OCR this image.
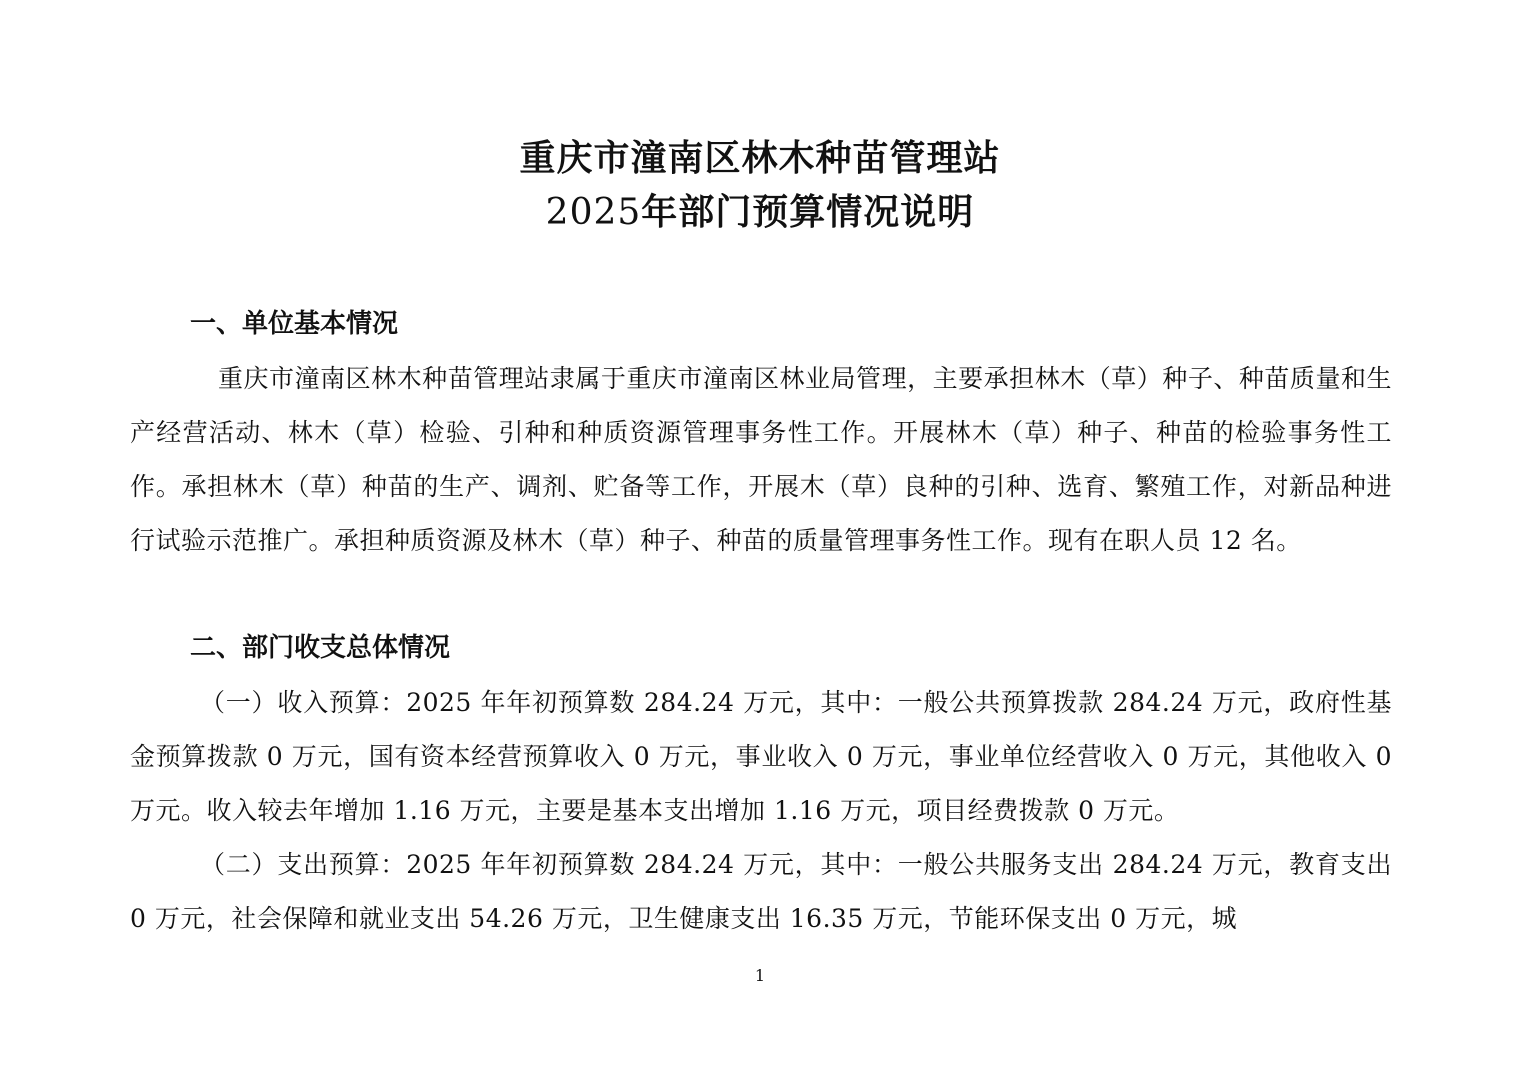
重庆市潼南区林木种苗管理站
2025年部门预算情况说明
一、单位基本情况
重庆市潼南区林木种苗管理站隶属于重庆市潼南区林业局管理，主要承担林木（草）种子、种苗质量和生产经营活动、林木（草）检验、引种和种质资源管理事务性工作。开展林木（草）种子、种苗的检验事务性工作。承担林木（草）种苗的生产、调剂、贮备等工作，开展木（草）良种的引种、选育、繁殖工作，对新品种进行试验示范推广。承担种质资源及林木（草）种子、种苗的质量管理事务性工作。现有在职人员 12 名。
二、部门收支总体情况
（一）收入预算：2025 年年初预算数 284.24 万元，其中：一般公共预算拨款 284.24 万元，政府性基金预算拨款 0 万元，国有资本经营预算收入 0 万元，事业收入 0 万元，事业单位经营收入 0 万元，其他收入 0 万元。收入较去年增加 1.16 万元，主要是基本支出增加 1.16 万元，项目经费拨款 0 万元。
（二）支出预算：2025 年年初预算数 284.24 万元，其中：一般公共服务支出 284.24 万元，教育支出 0 万元，社会保障和就业支出 54.26 万元，卫生健康支出 16.35 万元，节能环保支出 0 万元，城
1
